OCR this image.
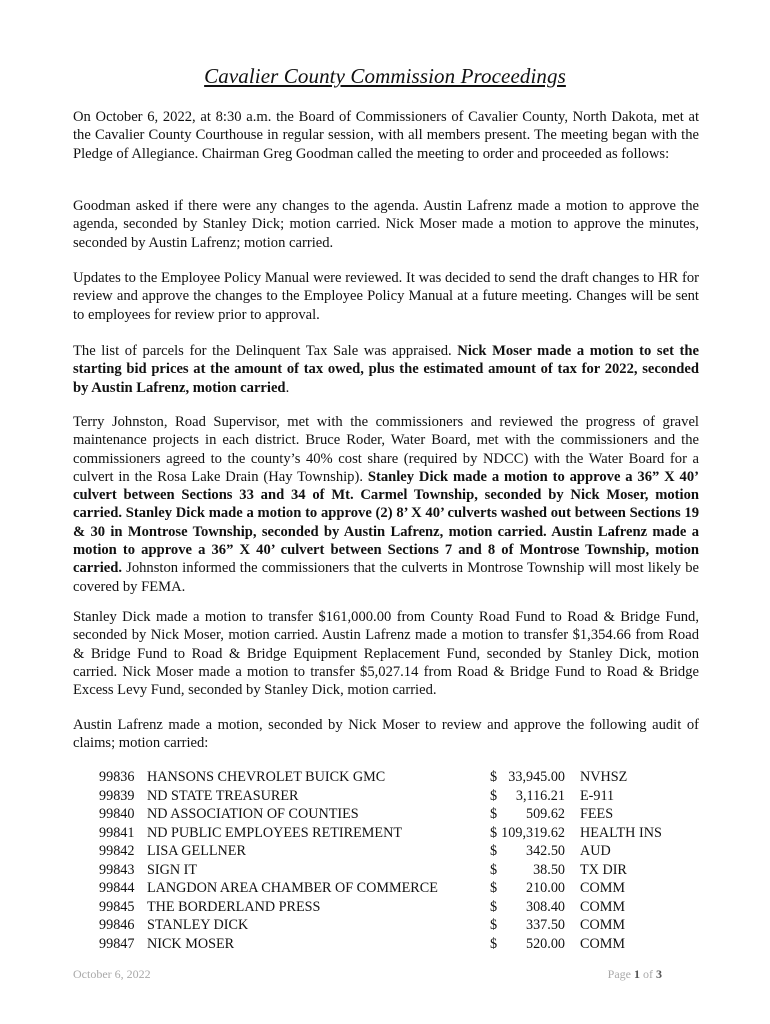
Cavalier County Commission Proceedings

On October 6, 2022, at 8:30 a.m. the Board of Commissioners of Cavalier County, North Dakota, met at the Cavalier County Courthouse in regular session, with all members present. The meeting began with the Pledge of Allegiance. Chairman Greg Goodman called the meeting to order and proceeded as follows:

Goodman asked if there were any changes to the agenda. Austin Lafrenz made a motion to approve the agenda, seconded by Stanley Dick; motion carried. Nick Moser made a motion to approve the minutes, seconded by Austin Lafrenz; motion carried.

Updates to the Employee Policy Manual were reviewed. It was decided to send the draft changes to HR for review and approve the changes to the Employee Policy Manual at a future meeting. Changes will be sent to employees for review prior to approval.

The list of parcels for the Delinquent Tax Sale was appraised. Nick Moser made a motion to set the starting bid prices at the amount of tax owed, plus the estimated amount of tax for 2022, seconded by Austin Lafrenz, motion carried.

Terry Johnston, Road Supervisor, met with the commissioners and reviewed the progress of gravel maintenance projects in each district. Bruce Roder, Water Board, met with the commissioners and the commissioners agreed to the county’s 40% cost share (required by NDCC) with the Water Board for a culvert in the Rosa Lake Drain (Hay Township). Stanley Dick made a motion to approve a 36” X 40’ culvert between Sections 33 and 34 of Mt. Carmel Township, seconded by Nick Moser, motion carried. Stanley Dick made a motion to approve (2) 8’ X 40’ culverts washed out between Sections 19 & 30 in Montrose Township, seconded by Austin Lafrenz, motion carried. Austin Lafrenz made a motion to approve a 36” X 40’ culvert between Sections 7 and 8 of Montrose Township, motion carried. Johnston informed the commissioners that the culverts in Montrose Township will most likely be covered by FEMA.

Stanley Dick made a motion to transfer $161,000.00 from County Road Fund to Road & Bridge Fund, seconded by Nick Moser, motion carried. Austin Lafrenz made a motion to transfer $1,354.66 from Road & Bridge Fund to Road & Bridge Equipment Replacement Fund, seconded by Stanley Dick, motion carried. Nick Moser made a motion to transfer $5,027.14 from Road & Bridge Fund to Road & Bridge Excess Levy Fund, seconded by Stanley Dick, motion carried.

Austin Lafrenz made a motion, seconded by Nick Moser to review and approve the following audit of claims; motion carried:

99836 HANSONS CHEVROLET BUICK GMC	$ 33,945.00 NVHSZ
99839 ND STATE TREASURER	$ 3,116.21 E-911
99840 ND ASSOCIATION OF COUNTIES	$ 509.62 FEES
99841 ND PUBLIC EMPLOYEES RETIREMENT	$ 109,319.62 HEALTH INS
99842 LISA GELLNER	$ 342.50 AUD
99843 SIGN IT	$	38.50 TX DIR
99844 LANGDON AREA CHAMBER OF COMMERCE	$ 210.00 COMM
99845 THE BORDERLAND PRESS	$ 308.40 COMM
99846 STANLEY DICK	$ 337.50 COMM
99847 NICK MOSER	$ 520.00 COMM
October 6, 2022	Page 1 of 3
